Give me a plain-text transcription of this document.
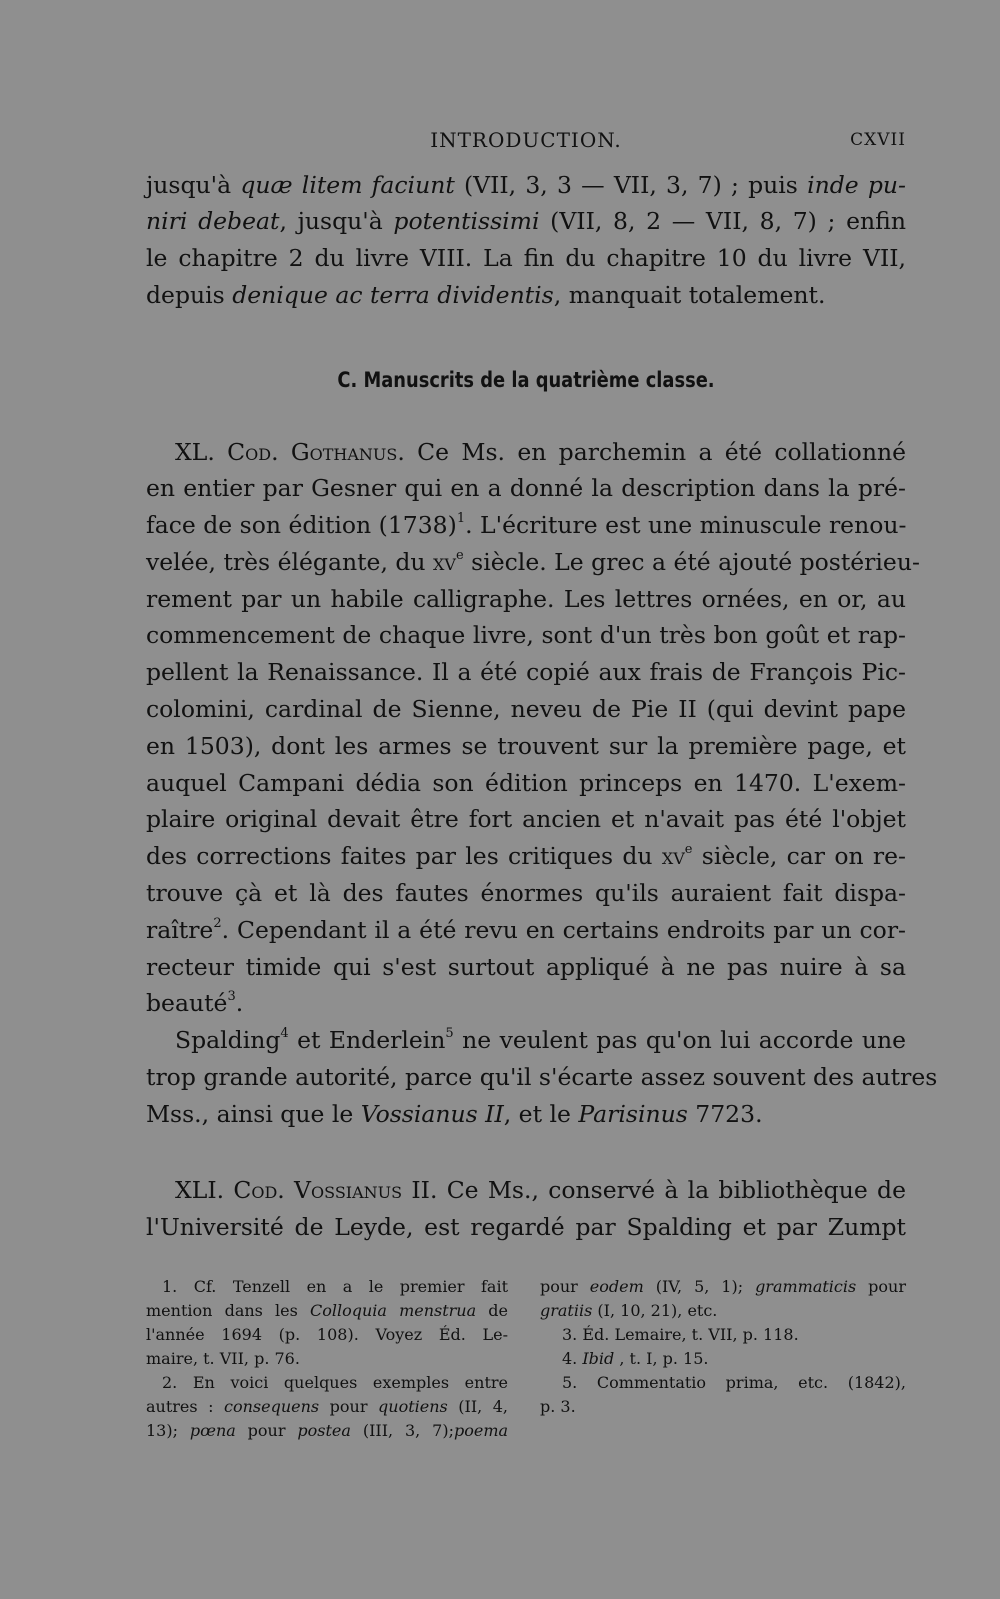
INTRODUCTION.	CXVII
jusqu'à quæ litem faciunt (VII, 3, 3 — VII, 3, 7) ; puis inde pu-
niri debeat, jusqu'à potentissimi (VII, 8, 2 — VII, 8, 7) ; enfin
le chapitre 2 du livre VIII. La fin du chapitre 10 du livre VII,
depuis denique ac terra dividentis, manquait totalement.
C. Manuscrits de la quatrième classe.
XL. Cod. Gothanus. Ce Ms. en parchemin a été collationné
en entier par Gesner qui en a donné la description dans la pré-
face de son édition $(1738)^1$. L'écriture est une minuscule renou-
velée, très élégante, du $xv^e$ siècle. Le grec a été ajouté postérieu-
rement par un habile calligraphe. Les lettres ornées, en or, au
commencement de chaque livre, sont d'un très bon goût et rap-
pellent la Renaissance. Il a été copié aux frais de François Pic-
colomini, cardinal de Sienne, neveu de Pie II (qui devint pape
en 1503), dont les armes se trouvent sur la première page, et
auquel Campani dédia son édition princeps en 1470. L'exem-
plaire original devait être fort ancien et n'avait pas été l'objet
des corrections faites par les critiques du $xv^e$ siècle, car on re-
trouve çà et là des fautes énormes qu'ils auraient fait dispa-
raître$^2$. Cependant il a été revu en certains endroits par un cor-
recteur timide qui s'est surtout appliqué à ne pas nuire à sa
beauté$^3$.
Spalding$^4$ et Enderlein$^5$ ne veulent pas qu'on lui accorde une
trop grande autorité, parce qu'il s'écarte assez souvent des autres
Mss., ainsi que le Vossianus II, et le Parisinus 7723.
XLI. Cod. Vossianus II. Ce Ms., conservé à la bibliothèque de
l'Université de Leyde, est regardé par Spalding et par Zumpt
1. Cf. Tenzell en a le premier fait
mention dans les Colloquia menstrua de
l'année 1694 (p. 108). Voyez Éd. Le-
maire, t. VII, p. 76.
2. En voici quelques exemples entre
autres : consequens pour quotiens (II, 4,
13); pœna pour postea (III, 3, 7);poema
pour eodem (IV, 5, 1); grammaticis pour
gratiis (I, 10, 21), etc.
3. Éd. Lemaire, t. VII, p. 118.
4. Ibid , t. I, p. 15.
5. Commentatio prima, etc. (1842),
p. 3.
